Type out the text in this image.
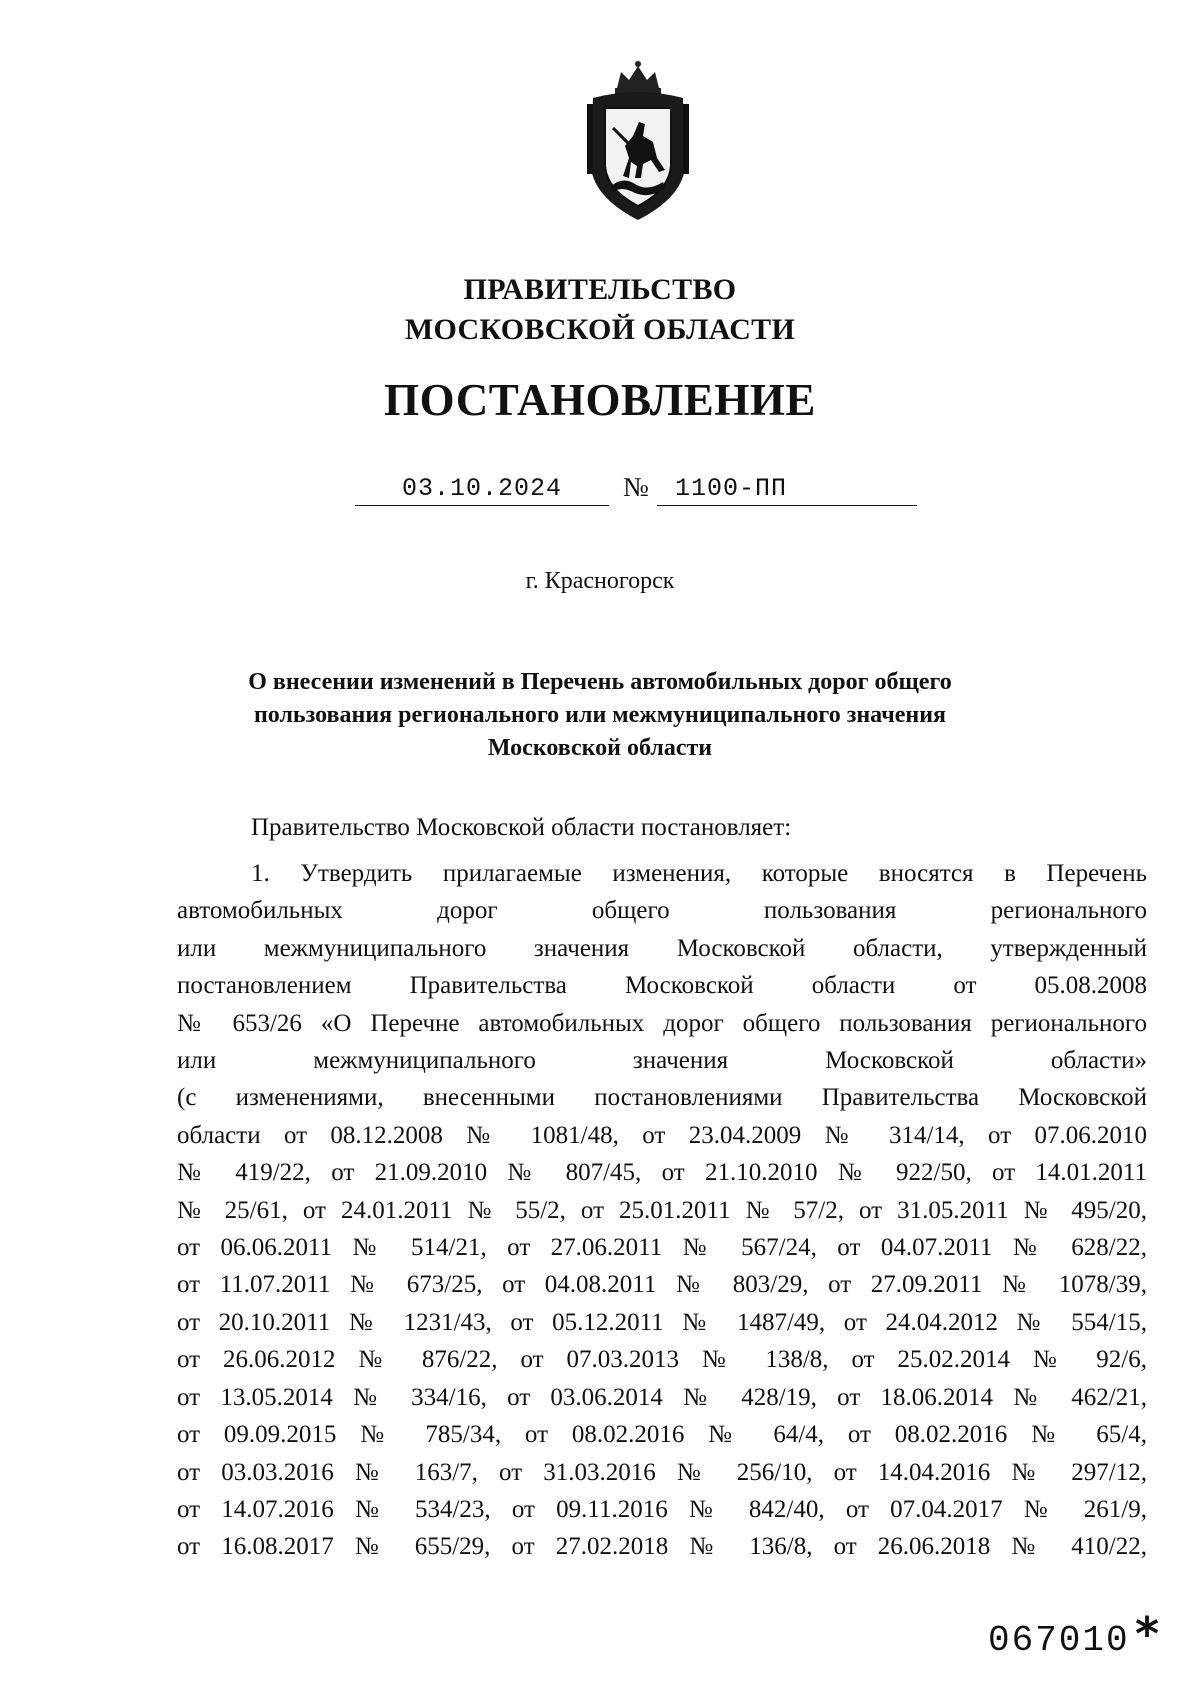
ПРАВИТЕЛЬСТВО
МОСКОВСКОЙ ОБЛАСТИ
ПОСТАНОВЛЕНИЕ
03.10.2024	№ 1100-ПП
г. Красногорск
О внесении изменений в Перечень автомобильных дорог общего
пользования регионального или межмуниципального значения
Московской области
Правительство Московской области постановляет:
1. Утвердить прилагаемые изменения, которые вносятся в Перечень
автомобильных дорог общего пользования регионального
или межмуниципального значения Московской области, утвержденный
постановлением Правительства Московской области от 05.08.2008
№ 653/26 «О Перечне автомобильных дорог общего пользования регионального
или межмуниципального значения Московской области»
(с изменениями, внесенными постановлениями Правительства Московской
области от 08.12.2008 № 1081/48, от 23.04.2009 № 314/14, от 07.06.2010
№ 419/22, от 21.09.2010 № 807/45, от 21.10.2010 № 922/50, от 14.01.2011
№ 25/61, от 24.01.2011 № 55/2, от 25.01.2011 № 57/2, от 31.05.2011 № 495/20,
от 06.06.2011 № 514/21, от 27.06.2011 № 567/24, от 04.07.2011 № 628/22,
от 11.07.2011 № 673/25, от 04.08.2011 № 803/29, от 27.09.2011 № 1078/39,
от 20.10.2011 № 1231/43, от 05.12.2011 № 1487/49, от 24.04.2012 № 554/15,
от 26.06.2012 № 876/22, от 07.03.2013 № 138/8, от 25.02.2014 № 92/6,
от 13.05.2014 № 334/16, от 03.06.2014 № 428/19, от 18.06.2014 № 462/21,
от 09.09.2015 № 785/34, от 08.02.2016 № 64/4, от 08.02.2016 № 65/4,
от 03.03.2016 № 163/7, от 31.03.2016 № 256/10, от 14.04.2016 № 297/12,
от 14.07.2016 № 534/23, от 09.11.2016 № 842/40, от 07.04.2017 № 261/9,
от 16.08.2017 № 655/29, от 27.02.2018 № 136/8, от 26.06.2018 № 410/22,
067010 *
